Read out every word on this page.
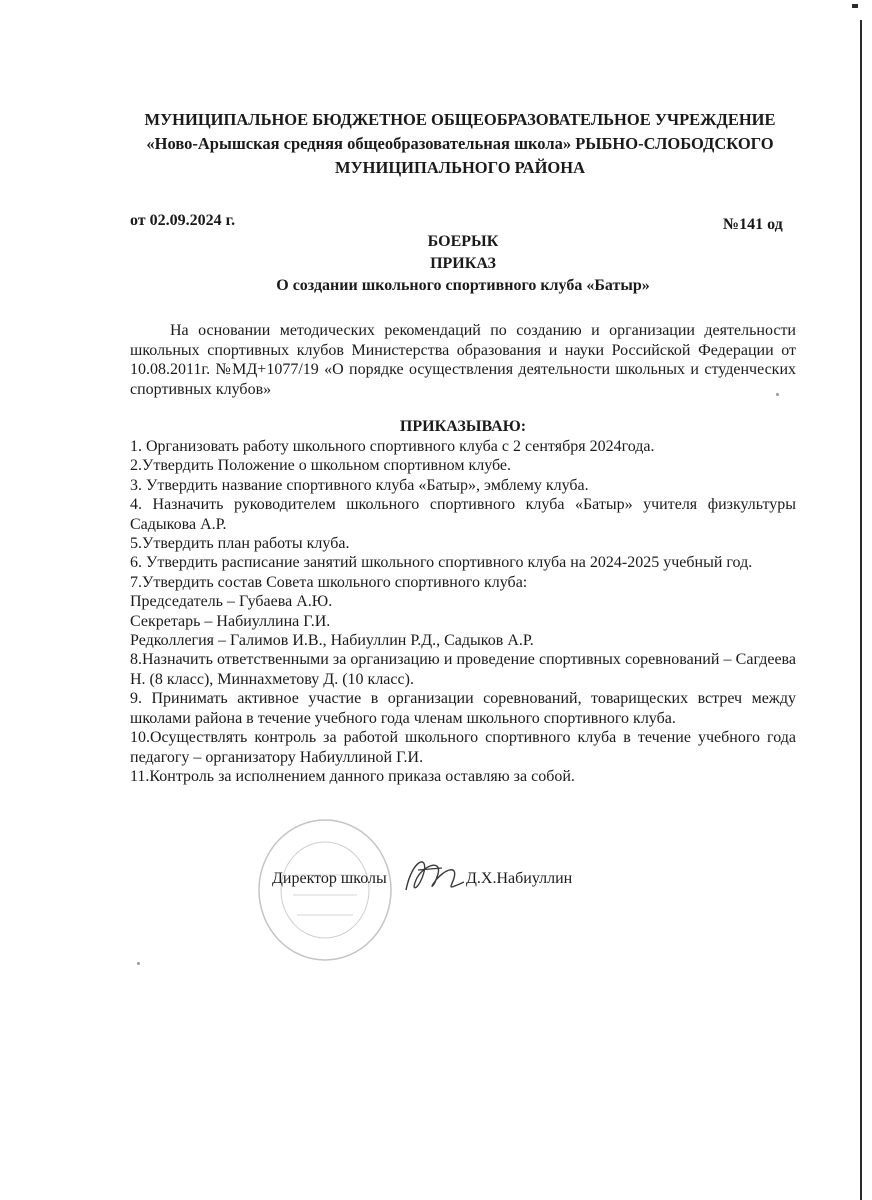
МУНИЦИПАЛЬНОЕ БЮДЖЕТНОЕ ОБЩЕОБРАЗОВАТЕЛЬНОЕ УЧРЕЖДЕНИЕ
«Ново-Арышская средняя общеобразовательная школа» РЫБНО-СЛОБОДСКОГО
МУНИЦИПАЛЬНОГО РАЙОНА
от 02.09.2024 г.	№141 од
БОЕРЫК
ПРИКАЗ
О создании школьного спортивного клуба «Батыр»
На основании методических рекомендаций по созданию и организации деятельности школьных спортивных клубов Министерства образования и науки Российской Федерации от 10.08.2011г. №МД+1077/19 «О порядке осуществления деятельности школьных и студенческих спортивных клубов»
ПРИКАЗЫВАЮ:

1. Организовать работу школьного спортивного клуба с 2 сентября 2024года.

2.Утвердить Положение о школьном спортивном клубе.

3. Утвердить название спортивного клуба «Батыр», эмблему клуба.

4. Назначить руководителем школьного спортивного клуба «Батыр» учителя физкультуры Садыкова А.Р.

5.Утвердить план работы клуба.

6. Утвердить расписание занятий школьного спортивного клуба на 2024-2025 учебный год.

7.Утвердить состав Совета школьного спортивного клуба:

Председатель – Губаева А.Ю.

Секретарь – Набиуллина Г.И.

Редколлегия – Галимов И.В., Набиуллин Р.Д., Садыков А.Р.

8.Назначить ответственными за организацию и проведение спортивных соревнований – Сагдеева Н. (8 класс), Миннахметову Д. (10 класс).

9. Принимать активное участие в организации соревнований, товарищеских встреч между школами района в течение учебного года членам школьного спортивного клуба.

10.Осуществлять контроль за работой школьного спортивного клуба в течение учебного года педагогу – организатору Набиуллиной Г.И.

11.Контроль за исполнением данного приказа оставляю за собой.

Директор школы	Д.Х.Набиуллин
